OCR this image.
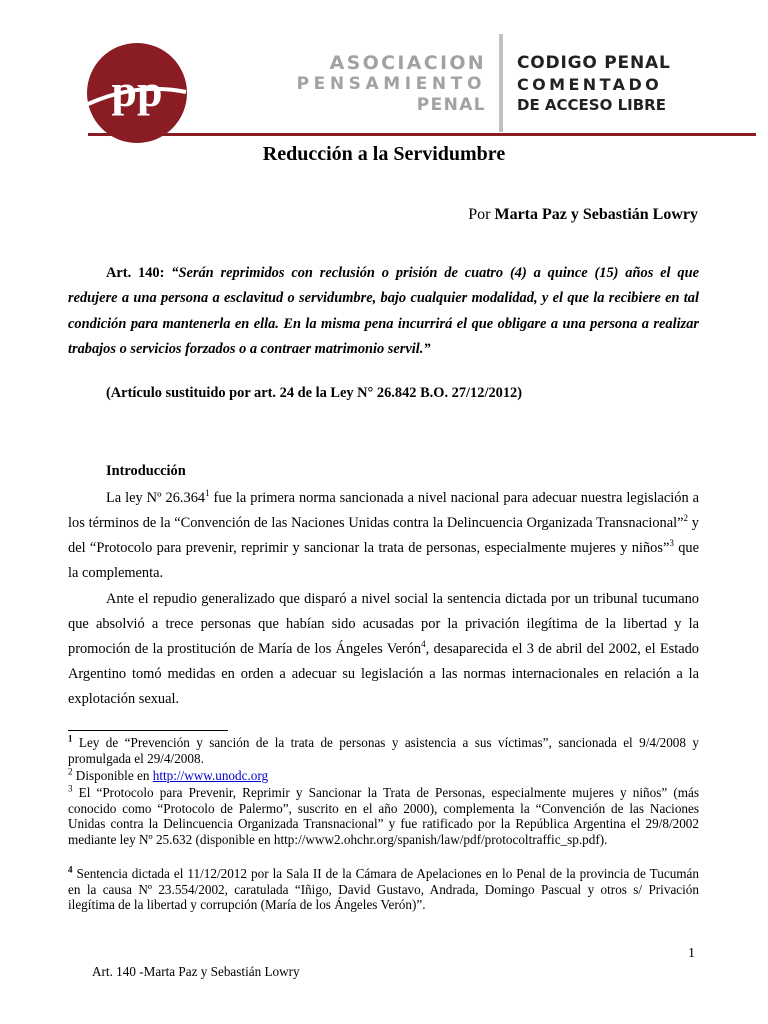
pp
ASOCIACION
PENSAMIENTO
PENAL
CODIGO PENAL
COMENTADO
DE ACCESO LIBRE
Reducción a la Servidumbre
Por Marta Paz y Sebastián Lowry

Art. 140: “Serán reprimidos con reclusión o prisión de cuatro (4) a quince (15) años el que redujere a una persona a esclavitud o servidumbre, bajo cualquier modalidad, y el que la recibiere en tal condición para mantenerla en ella. En la misma pena incurrirá el que obligare a una persona a realizar trabajos o servicios forzados o a contraer matrimonio servil.”

(Artículo sustituido por art. 24 de la Ley N° 26.842 B.O. 27/12/2012)
Introducción

La ley Nº 26.364$^1$ fue la primera norma sancionada a nivel nacional para adecuar nuestra legislación a los términos de la “Convención de las Naciones Unidas contra la Delincuencia Organizada Transnacional”$^2$ y del “Protocolo para prevenir, reprimir y sancionar la trata de personas, especialmente mujeres y niños”$^3$ que la complementa.

Ante el repudio generalizado que disparó a nivel social la sentencia dictada por un tribunal tucumano que absolvió a trece personas que habían sido acusadas por la privación ilegítima de la libertad y la promoción de la prostitución de María de los Ángeles Verón$^4$, desaparecida el 3 de abril del 2002, el Estado Argentino tomó medidas en orden a adecuar su legislación a las normas internacionales en relación a la explotación sexual.

$^1$ Ley de “Prevención y sanción de la trata de personas y asistencia a sus víctimas”, sancionada el 9/4/2008 y promulgada el 29/4/2008.

$^2$ Disponible en http://www.unodc.org

$^3$ El “Protocolo para Prevenir, Reprimir y Sancionar la Trata de Personas, especialmente mujeres y niños” (más conocido como “Protocolo de Palermo”, suscrito en el año 2000), complementa la “Convención de las Naciones Unidas contra la Delincuencia Organizada Transnacional” y fue ratificado por la República Argentina el 29/8/2002 mediante ley Nº 25.632 (disponible en http://www2.ohchr.org/spanish/law/pdf/protocoltraffic_sp.pdf).

$^4$ Sentencia dictada el 11/12/2012 por la Sala II de la Cámara de Apelaciones en lo Penal de la provincia de Tucumán en la causa Nº 23.554/2002, caratulada “Iñigo, David Gustavo, Andrada, Domingo Pascual y otros s/ Privación ilegítima de la libertad y corrupción (María de los Ángeles Verón)”.

1
Art. 140 -Marta Paz y Sebastián Lowry
